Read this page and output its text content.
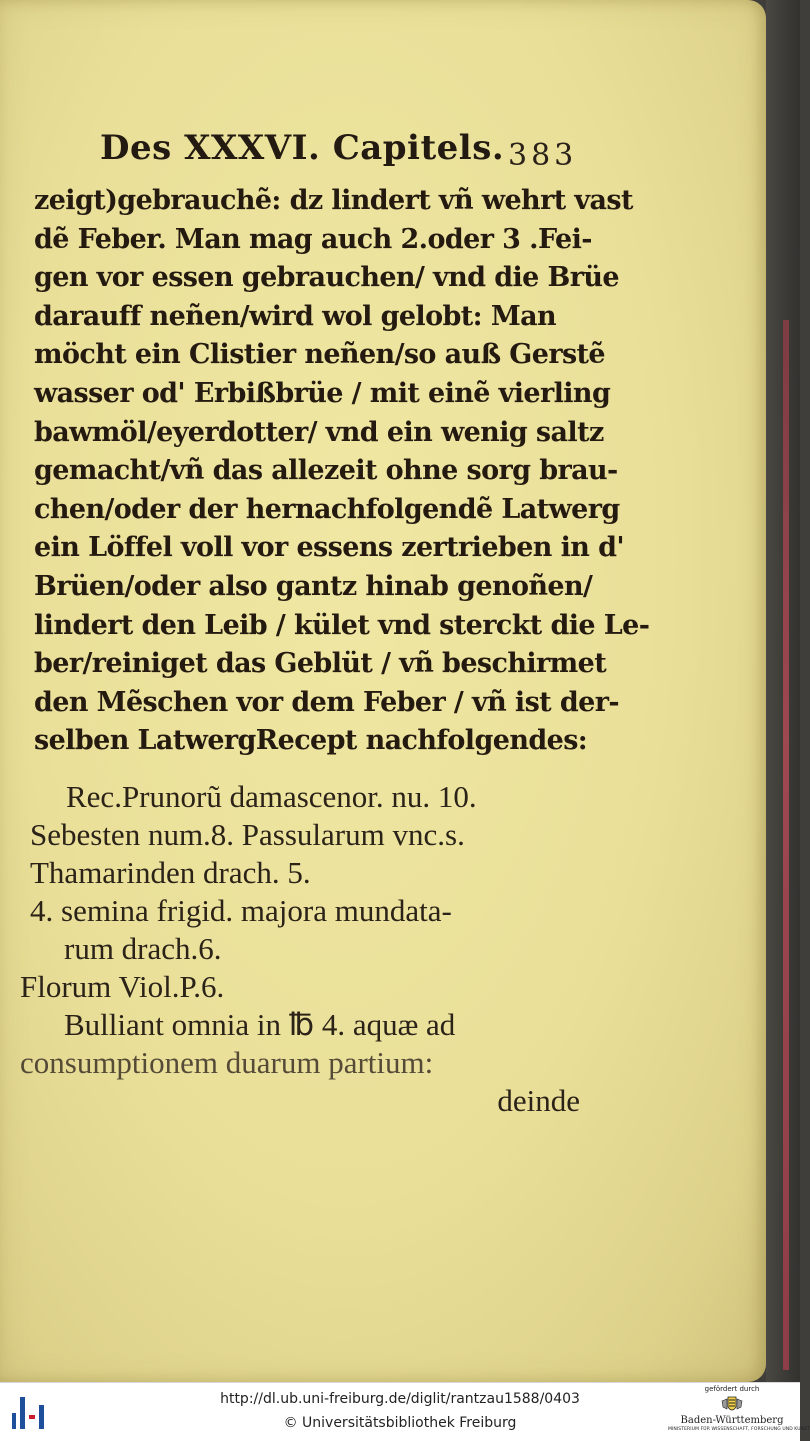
Des XXXVI. Capitels. 383
zeigt)gebrauchẽ: dz lindert vñ wehrt vast
dẽ Feber. Man mag auch 2.oder 3 .Fei-
gen vor essen gebrauchen/ vnd die Brüe
darauff neñen/wird wol gelobt: Man
möcht ein Clistier neñen/so auß Gerstẽ
wasser od' Erbißbrüe / mit einẽ vierling
bawmöl/eyerdotter/ vnd ein wenig saltz
gemacht/vñ das allezeit ohne sorg brau-
chen/oder der hernachfolgendẽ Latwerg
ein Löffel voll vor essens zertrieben in d'
Brüen/oder also gantz hinab genoñen/
lindert den Leib / kület vnd sterckt die Le-
ber/reiniget das Geblüt / vñ beschirmet
den Mẽschen vor dem Feber / vñ ist der-
selben LatwergRecept nachfolgendes:
Rec.Prunorũ damascenor. nu. 10.
Sebesten num.8. Passularum vnc.s.
Thamarinden drach. 5.
4. semina frigid. majora mundata-
rum drach.6.
Florum Viol.P.6.
Bulliant omnia in ℔ 4. aquæ ad
consumptionem duarum partium:
deinde
http://dl.ub.uni-freiburg.de/diglit/rantzau1588/0403
© Universitätsbibliothek Freiburg
gefördert durch
Baden-Württemberg
MINISTERIUM FÜR WISSENSCHAFT, FORSCHUNG UND KUNST
